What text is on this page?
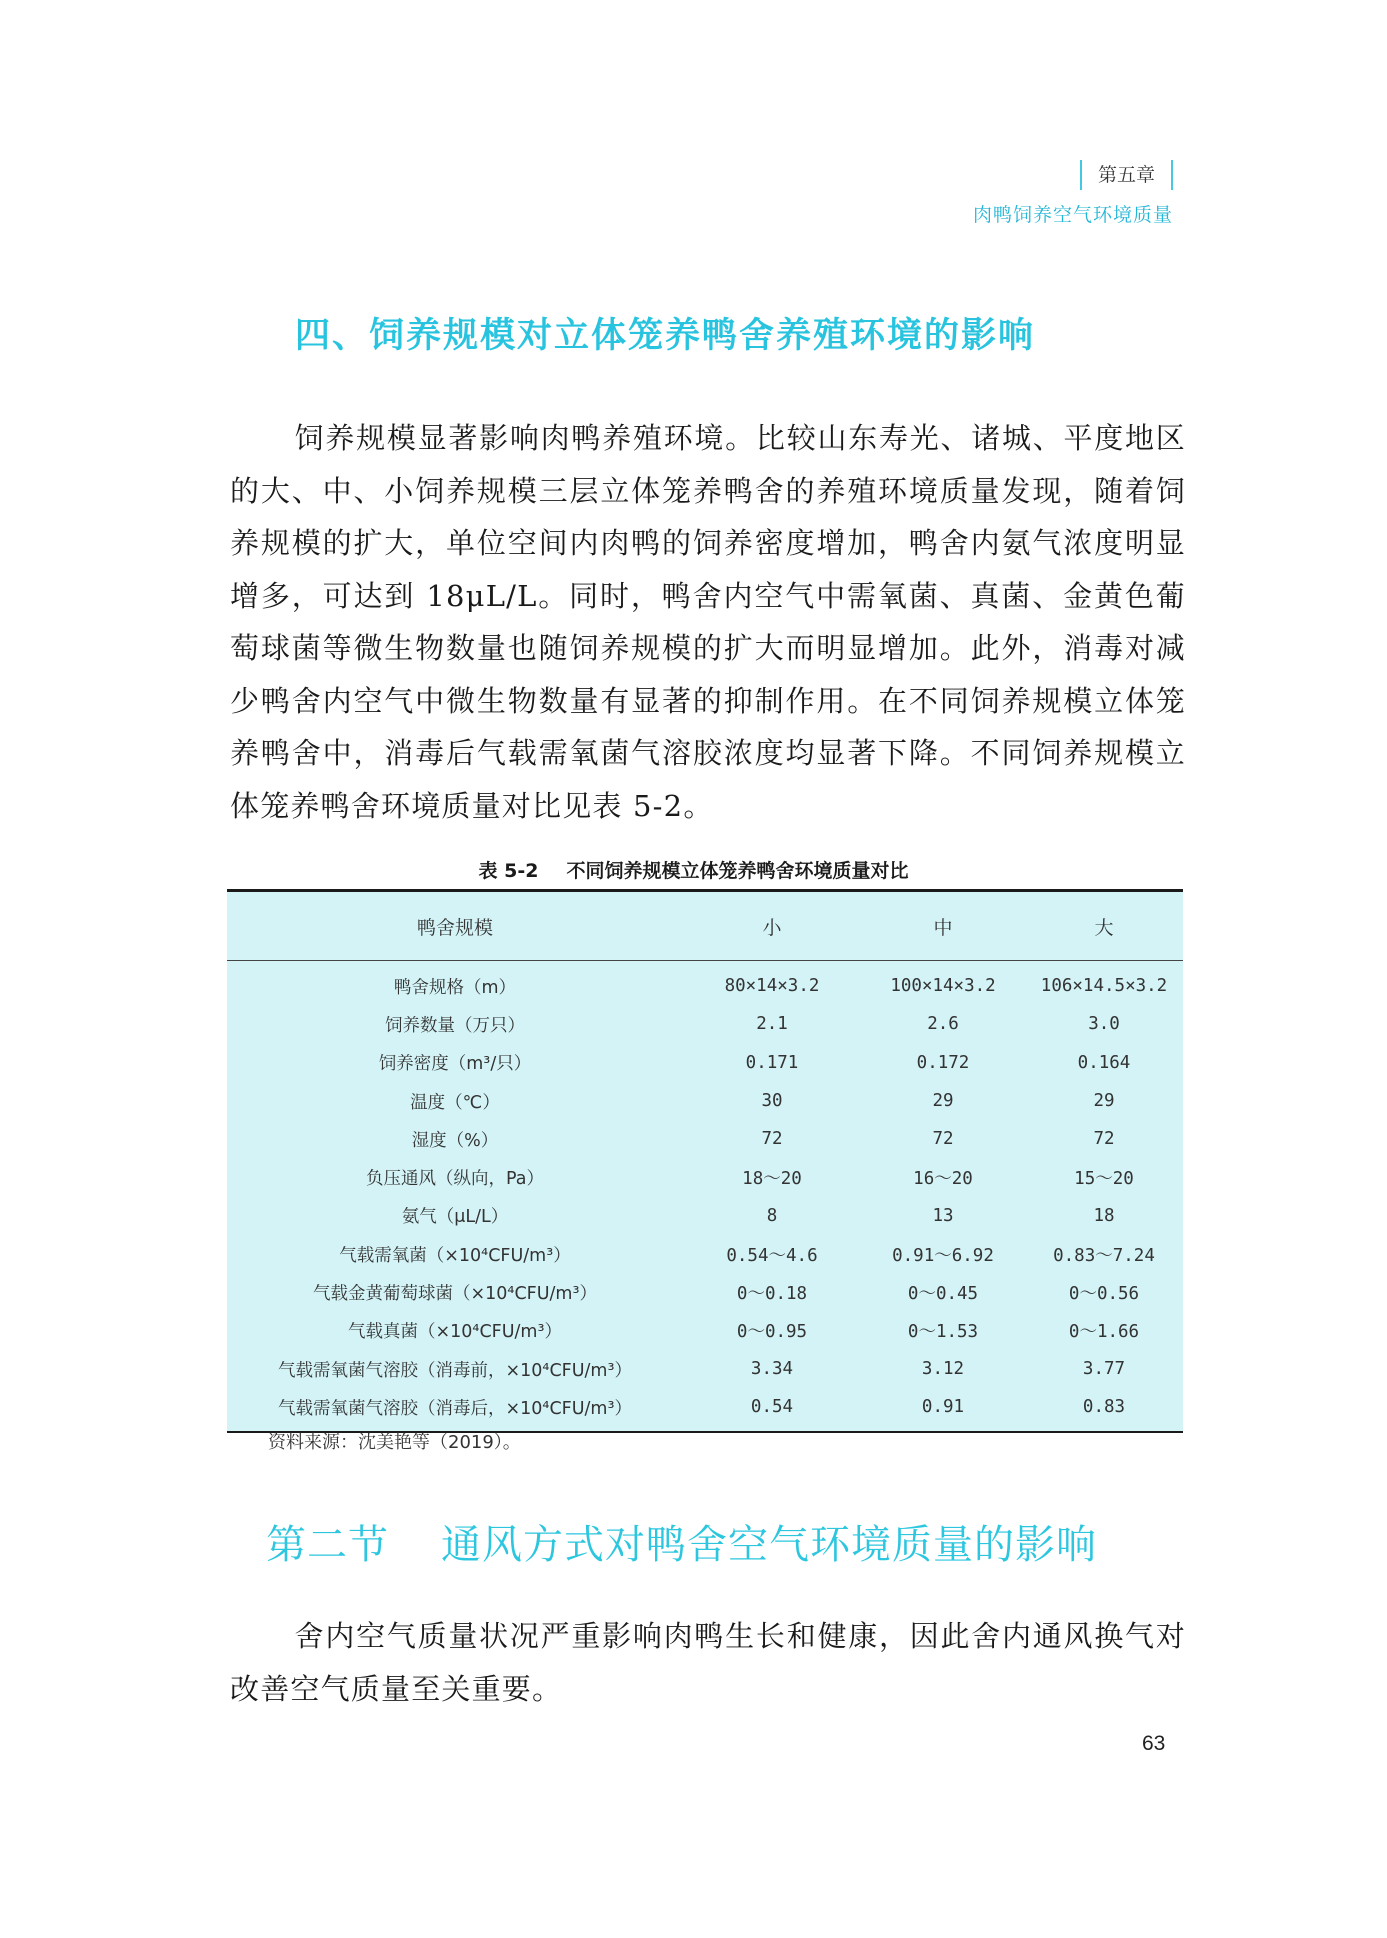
第五章
肉鸭饲养空气环境质量
四、饲养规模对立体笼养鸭舍养殖环境的影响
饲养规模显著影响肉鸭养殖环境。比较山东寿光、诸城、平度地区的大、中、小饲养规模三层立体笼养鸭舍的养殖环境质量发现，随着饲养规模的扩大，单位空间内肉鸭的饲养密度增加，鸭舍内氨气浓度明显增多，可达到 18μL/L。同时，鸭舍内空气中需氧菌、真菌、金黄色葡萄球菌等微生物数量也随饲养规模的扩大而明显增加。此外，消毒对减少鸭舍内空气中微生物数量有显著的抑制作用。在不同饲养规模立体笼养鸭舍中，消毒后气载需氧菌气溶胶浓度均显著下降。不同饲养规模立体笼养鸭舍环境质量对比见表 5-2。
表 5-2 不同饲养规模立体笼养鸭舍环境质量对比
鸭舍规模	小	中	大
鸭舍规格（m）	80×14×3.2	100×14×3.2	106×14.5×3.2
饲养数量（万只）	2.1	2.6	3.0
饲养密度（m³/只）	0.171	0.172	0.164
温度（℃）	30	29	29
湿度（%）	72	72	72
负压通风（纵向，Pa）	18～20	16～20	15～20
氨气（μL/L）	8	13	18
气载需氧菌（×10⁴CFU/m³）	0.54～4.6	0.91～6.92	0.83～7.24
气载金黄葡萄球菌（×10⁴CFU/m³）	0～0.18	0～0.45	0～0.56
气载真菌（×10⁴CFU/m³）	0～0.95	0～1.53	0～1.66
气载需氧菌气溶胶（消毒前，×10⁴CFU/m³）	3.34	3.12	3.77
气载需氧菌气溶胶（消毒后，×10⁴CFU/m³）	0.54	0.91	0.83
资料来源：沈美艳等（2019）。
第二节 通风方式对鸭舍空气环境质量的影响
舍内空气质量状况严重影响肉鸭生长和健康，因此舍内通风换气对改善空气质量至关重要。
63
